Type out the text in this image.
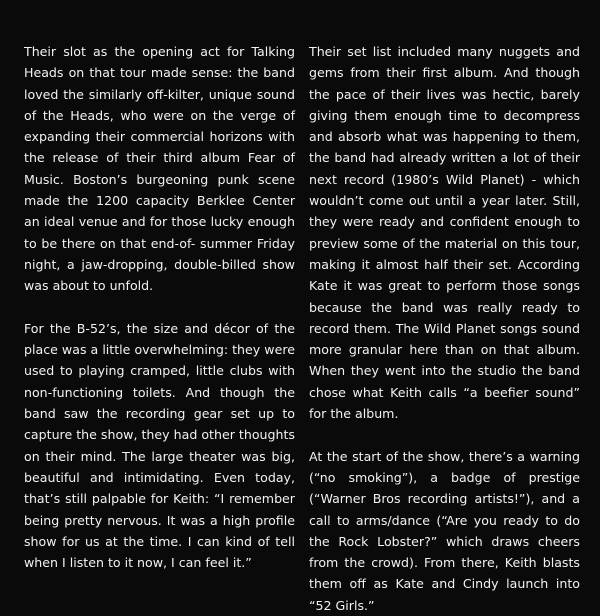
Their slot as the opening act for Talking Heads on that tour made sense: the band loved the similarly off-kilter, unique sound of the Heads, who were on the verge of expanding their commercial horizons with the release of their third album Fear of Music. Boston’s burgeoning punk scene made the 1200 capacity Berklee Center an ideal venue and for those lucky enough to be there on that end-of- summer Friday night, a jaw-dropping, double-billed show was about to unfold.

For the B-52’s, the size and décor of the place was a little overwhelming: they were used to playing cramped, little clubs with non-functioning toilets. And though the band saw the recording gear set up to capture the show, they had other thoughts on their mind. The large theater was big, beautiful and intimidating. Even today, that’s still palpable for Keith: “I remember being pretty nervous. It was a high profile show for us at the time. I can kind of tell when I listen to it now, I can feel it.”

Their set list included many nuggets and gems from their first album. And though the pace of their lives was hectic, barely giving them enough time to decompress and absorb what was happening to them, the band had already written a lot of their next record (1980’s Wild Planet) - which wouldn’t come out until a year later. Still, they were ready and confident enough to preview some of the material on this tour, making it almost half their set. According Kate it was great to perform those songs because the band was really ready to record them. The Wild Planet songs sound more granular here than on that album. When they went into the studio the band chose what Keith calls “a beefier sound” for the album.

At the start of the show, there’s a warning (“no smoking”), a badge of prestige (“Warner Bros recording artists!”), and a call to arms/dance (“Are you ready to do the Rock Lobster?” which draws cheers from the crowd). From there, Keith blasts them off as Kate and Cindy launch into “52 Girls.”
